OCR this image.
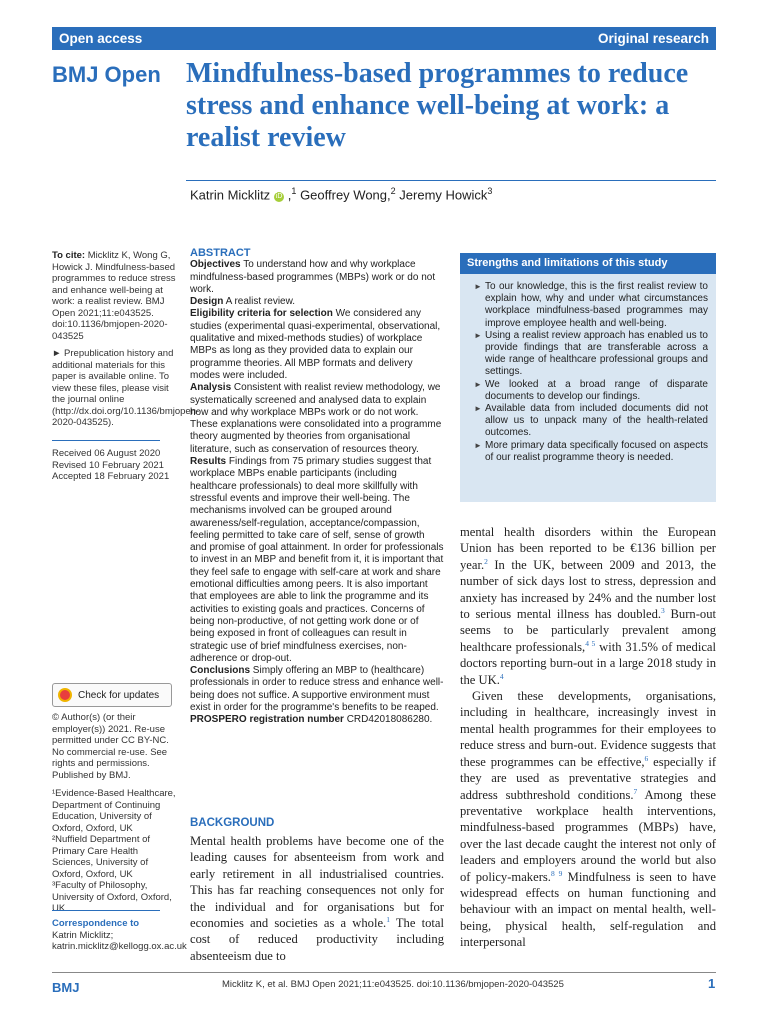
Open access	Original research
BMJ Open Mindfulness-based programmes to reduce stress and enhance well-being at work: a realist review
Katrin Micklitz iD ,$^1$ Geoffrey Wong,$^2$ Jeremy Howick$^3$

To cite: Micklitz K, Wong G, Howick J. Mindfulness-based programmes to reduce stress and enhance well-being at work: a realist review. BMJ Open 2021;11:e043525. doi:10.1136/bmjopen-2020-043525

► Prepublication history and additional materials for this paper is available online. To view these files, please visit the journal online (http://dx.doi.org/10.1136/bmjopen-2020-043525).

Received 06 August 2020

Revised 10 February 2021

Accepted 18 February 2021

Check for updates

© Author(s) (or their employer(s)) 2021. Re-use permitted under CC BY-NC. No commercial re-use. See rights and permissions. Published by BMJ.

¹Evidence-Based Healthcare, Department of Continuing Education, University of Oxford, Oxford, UK

²Nuffield Department of Primary Care Health Sciences, University of Oxford, Oxford, UK

³Faculty of Philosophy, University of Oxford, Oxford, UK

Correspondence to

Katrin Micklitz;

katrin.micklitz@kellogg.ox.ac.uk

ABSTRACT

Objectives To understand how and why workplace mindfulness-based programmes (MBPs) work or do not work.

Design A realist review.

Eligibility criteria for selection We considered any studies (experimental quasi-experimental, observational, qualitative and mixed-methods studies) of workplace MBPs as long as they provided data to explain our programme theories. All MBP formats and delivery modes were included.

Analysis Consistent with realist review methodology, we systematically screened and analysed data to explain how and why workplace MBPs work or do not work. These explanations were consolidated into a programme theory augmented by theories from organisational literature, such as conservation of resources theory.

Results Findings from 75 primary studies suggest that workplace MBPs enable participants (including healthcare professionals) to deal more skillfully with stressful events and improve their well-being. The mechanisms involved can be grouped around awareness/self-regulation, acceptance/compassion, feeling permitted to take care of self, sense of growth and promise of goal attainment. In order for professionals to invest in an MBP and benefit from it, it is important that they feel safe to engage with self-care at work and share emotional difficulties among peers. It is also important that employees are able to link the programme and its activities to existing goals and practices. Concerns of being non-productive, of not getting work done or of being exposed in front of colleagues can result in strategic use of brief mindfulness exercises, non-adherence or drop-out.

Conclusions Simply offering an MBP to (healthcare) professionals in order to reduce stress and enhance well-being does not suffice. A supportive environment must exist in order for the programme's benefits to be reaped.

PROSPERO registration number CRD42018086280.

Strengths and limitations of this study
► To our knowledge, this is the first realist review to explain how, why and under what circumstances workplace mindfulness-based programmes may improve employee health and well-being.
► Using a realist review approach has enabled us to provide findings that are transferable across a wide range of healthcare professional groups and settings.
► We looked at a broad range of disparate documents to develop our findings.
► Available data from included documents did not allow us to unpack many of the health-related outcomes.
► More primary data specifically focused on aspects of our realist programme theory is needed.
BACKGROUND
Mental health problems have become one of the leading causes for absenteeism from work and early retirement in all industrialised countries. This has far reaching consequences not only for the individual and for organisations but for economies and societies as a whole.$^1$ The total cost of reduced productivity including absenteeism due to

mental health disorders within the European Union has been reported to be €136 billion per year.$^2$ In the UK, between 2009 and 2013, the number of sick days lost to stress, depression and anxiety has increased by 24% and the number lost to serious mental illness has doubled.$^3$ Burn-out seems to be particularly prevalent among healthcare professionals,$^{4 5}$ with 31.5% of medical doctors reporting burn-out in a large 2018 study in the UK.$^4$

Given these developments, organisations, including in healthcare, increasingly invest in mental health programmes for their employees to reduce stress and burn-out. Evidence suggests that these programmes can be effective,$^6$ especially if they are used as preventative strategies and address subthreshold conditions.$^7$ Among these preventative workplace health interventions, mindfulness-based programmes (MBPs) have, over the last decade caught the interest not only of leaders and employers around the world but also of policy-makers.$^{8 9}$ Mindfulness is seen to have widespread effects on human functioning and behaviour with an impact on mental health, well-being, physical health, self-regulation and interpersonal

BMJ	Micklitz K, et al. BMJ Open 2021;11:e043525. doi:10.1136/bmjopen-2020-043525	1
